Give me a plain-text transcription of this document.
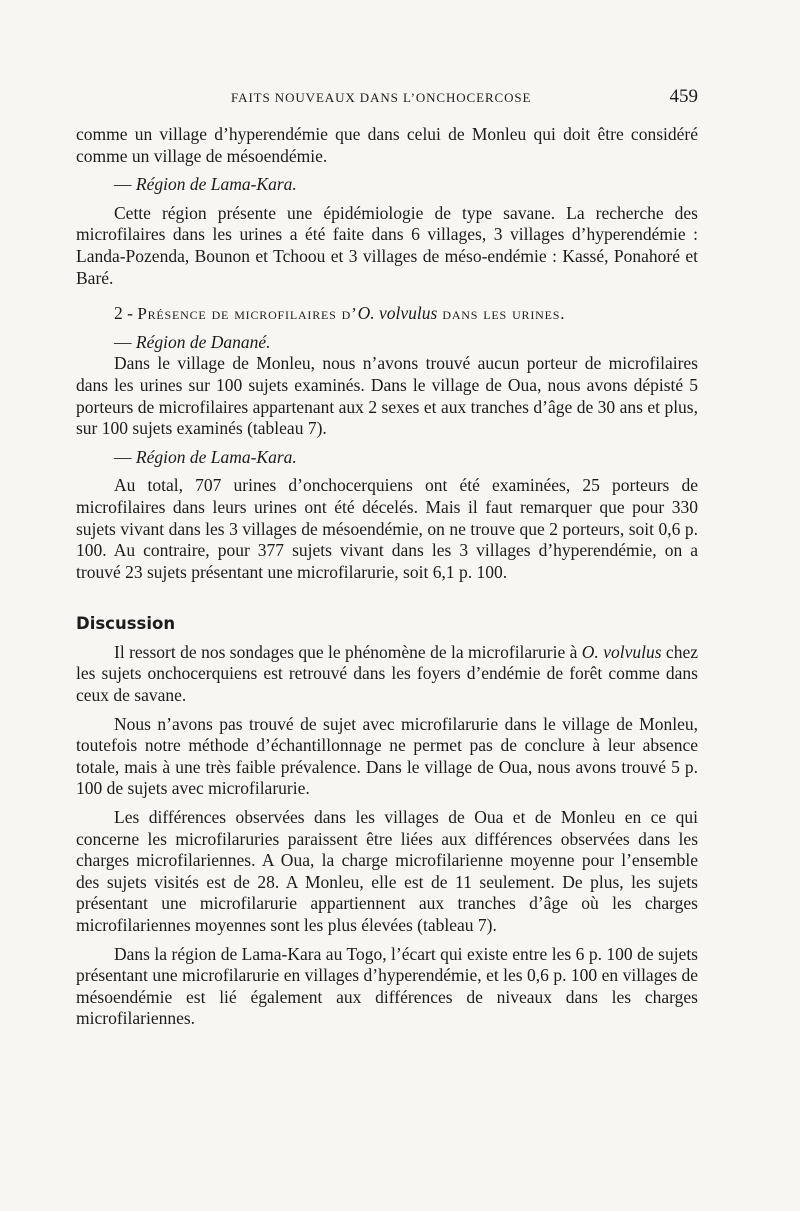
FAITS NOUVEAUX DANS L’ONCHOCERCOSE	459

comme un village d’hyperendémie que dans celui de Monleu qui doit être considéré comme un village de mésoendémie.

— Région de Lama-Kara.

Cette région présente une épidémiologie de type savane. La recherche des microfilaires dans les urines a été faite dans 6 villages, 3 villages d’hyperendémie : Landa-Pozenda, Bounon et Tchoou et 3 villages de méso-endémie : Kassé, Ponahoré et Baré.

2 - Présence de microfilaires d’O. volvulus dans les urines.

— Région de Danané.

Dans le village de Monleu, nous n’avons trouvé aucun porteur de microfilaires dans les urines sur 100 sujets examinés. Dans le village de Oua, nous avons dépisté 5 porteurs de microfilaires appartenant aux 2 sexes et aux tranches d’âge de 30 ans et plus, sur 100 sujets examinés (tableau 7).

— Région de Lama-Kara.

Au total, 707 urines d’onchocerquiens ont été examinées, 25 porteurs de microfilaires dans leurs urines ont été décelés. Mais il faut remarquer que pour 330 sujets vivant dans les 3 villages de mésoendémie, on ne trouve que 2 porteurs, soit 0,6 p. 100. Au contraire, pour 377 sujets vivant dans les 3 villages d’hyperendémie, on a trouvé 23 sujets présentant une microfilarurie, soit 6,1 p. 100.

Discussion

Il ressort de nos sondages que le phénomène de la microfilarurie à O. volvulus chez les sujets onchocerquiens est retrouvé dans les foyers d’endémie de forêt comme dans ceux de savane.

Nous n’avons pas trouvé de sujet avec microfilarurie dans le village de Monleu, toutefois notre méthode d’échantillonnage ne permet pas de conclure à leur absence totale, mais à une très faible prévalence. Dans le village de Oua, nous avons trouvé 5 p. 100 de sujets avec microfilarurie.

Les différences observées dans les villages de Oua et de Monleu en ce qui concerne les microfilaruries paraissent être liées aux différences observées dans les charges microfilariennes. A Oua, la charge microfilarienne moyenne pour l’ensemble des sujets visités est de 28. A Monleu, elle est de 11 seulement. De plus, les sujets présentant une microfilarurie appartiennent aux tranches d’âge où les charges microfilariennes moyennes sont les plus élevées (tableau 7).

Dans la région de Lama-Kara au Togo, l’écart qui existe entre les 6 p. 100 de sujets présentant une microfilarurie en villages d’hyperendémie, et les 0,6 p. 100 en villages de mésoendémie est lié également aux différences de niveaux dans les charges microfilariennes.
